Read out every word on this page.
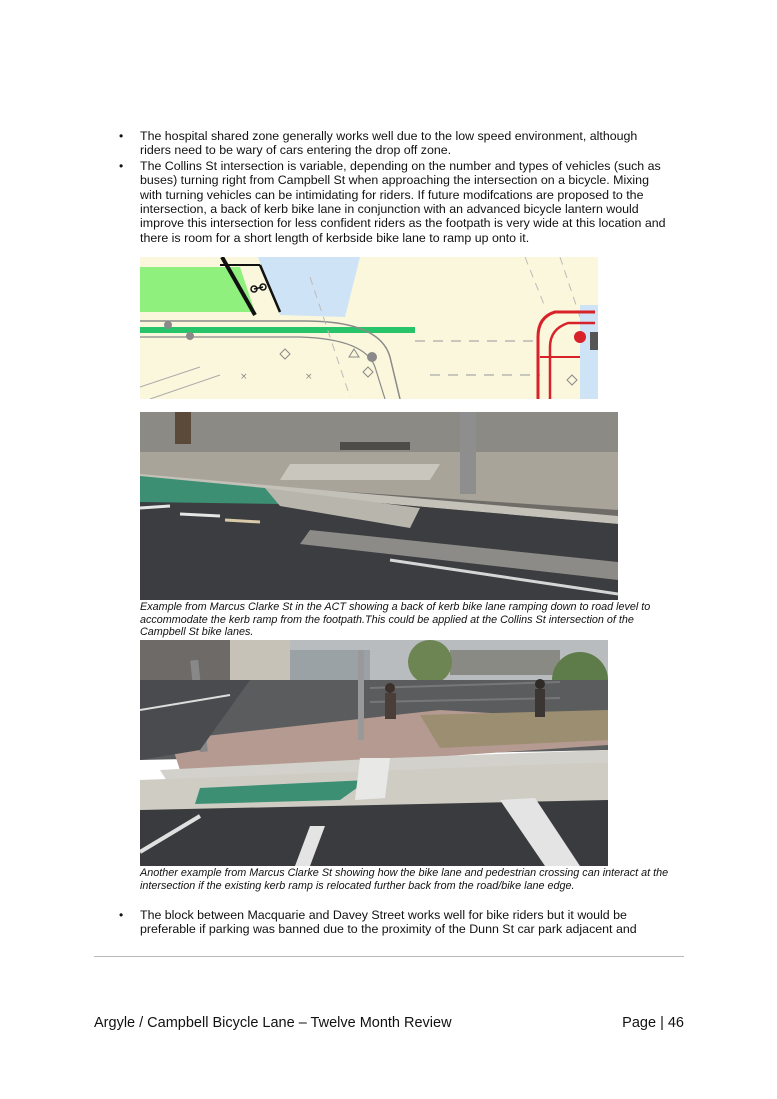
• The hospital shared zone generally works well due to the low speed environment, although riders need to be wary of cars entering the drop off zone.
• The Collins St intersection is variable, depending on the number and types of vehicles (such as buses) turning right from Campbell St when approaching the intersection on a bicycle. Mixing with turning vehicles can be intimidating for riders. If future modifcations are proposed to the intersection, a back of kerb bike lane in conjunction with an advanced bicycle lantern would improve this intersection for less confident riders as the footpath is very wide at this location and there is room for a short length of kerbside bike lane to ramp up onto it.
×	×
Example from Marcus Clarke St in the ACT showing a back of kerb bike lane ramping down to road level to accommodate the kerb ramp from the footpath.This could be applied at the Collins St intersection of the Campbell St bike lanes.
Another example from Marcus Clarke St showing how the bike lane and pedestrian crossing can interact at the intersection if the existing kerb ramp is relocated further back from the road/bike lane edge.
• The block between Macquarie and Davey Street works well for bike riders but it would be preferable if parking was banned due to the proximity of the Dunn St car park adjacent and
Argyle / Campbell Bicycle Lane – Twelve Month Review	Page | 46
